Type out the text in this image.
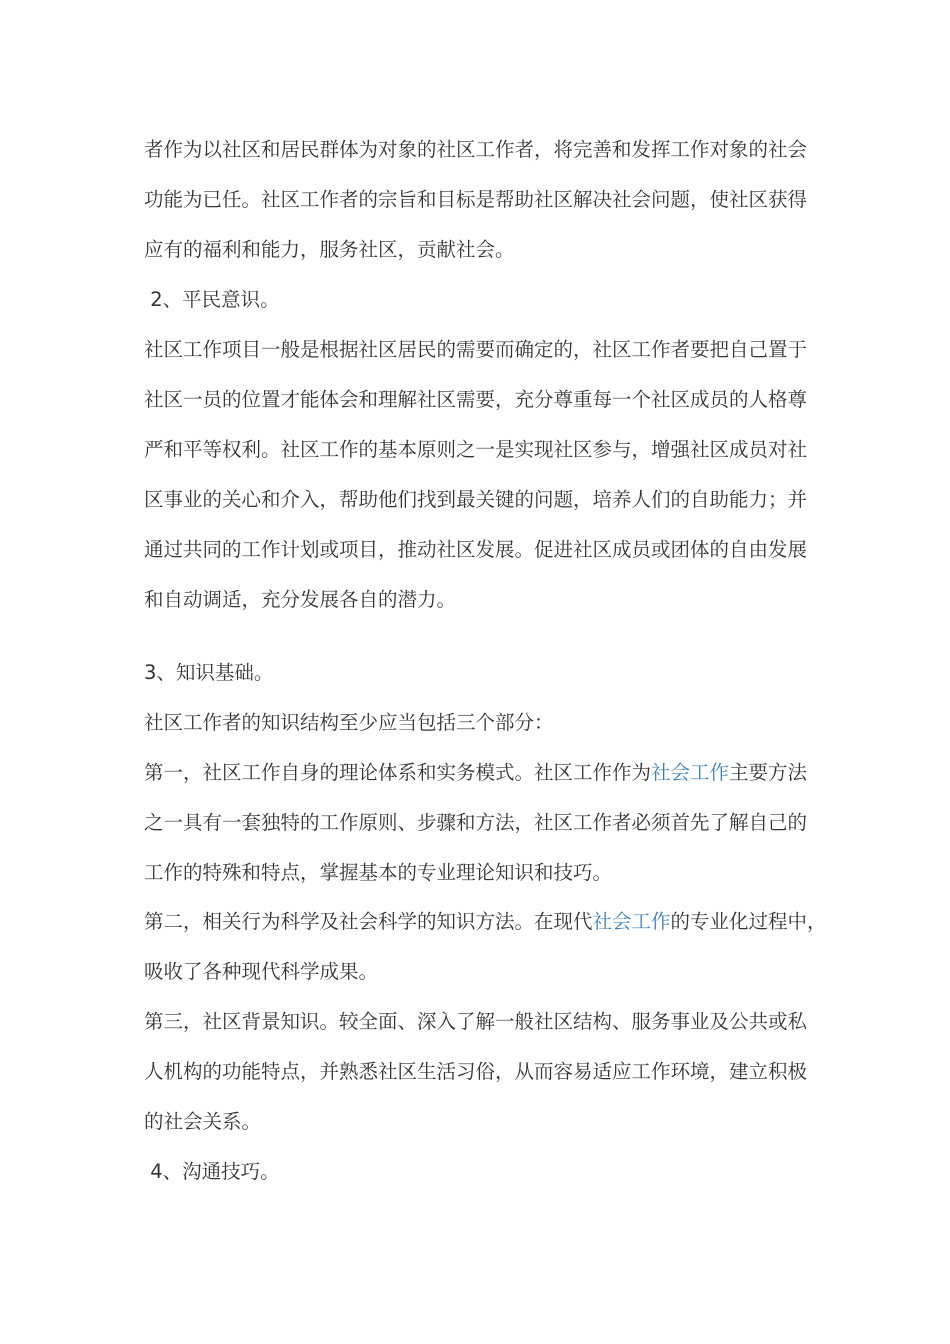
者作为以社区和居民群体为对象的社区工作者，将完善和发挥工作对象的社会
功能为已任。社区工作者的宗旨和目标是帮助社区解决社会问题，使社区获得
应有的福利和能力，服务社区，贡献社会。
2、平民意识。
社区工作项目一般是根据社区居民的需要而确定的，社区工作者要把自己置于
社区一员的位置才能体会和理解社区需要，充分尊重每一个社区成员的人格尊
严和平等权利。社区工作的基本原则之一是实现社区参与，增强社区成员对社
区事业的关心和介入，帮助他们找到最关键的问题，培养人们的自助能力；并
通过共同的工作计划或项目，推动社区发展。促进社区成员或团体的自由发展
和自动调适，充分发展各自的潜力。
3、知识基础。
社区工作者的知识结构至少应当包括三个部分：
第一，社区工作自身的理论体系和实务模式。社区工作作为社会工作主要方法
之一具有一套独特的工作原则、步骤和方法，社区工作者必须首先了解自己的
工作的特殊和特点，掌握基本的专业理论知识和技巧。
第二，相关行为科学及社会科学的知识方法。在现代社会工作的专业化过程中，
吸收了各种现代科学成果。
第三，社区背景知识。较全面、深入了解一般社区结构、服务事业及公共或私
人机构的功能特点，并熟悉社区生活习俗，从而容易适应工作环境，建立积极
的社会关系。
4、沟通技巧。
